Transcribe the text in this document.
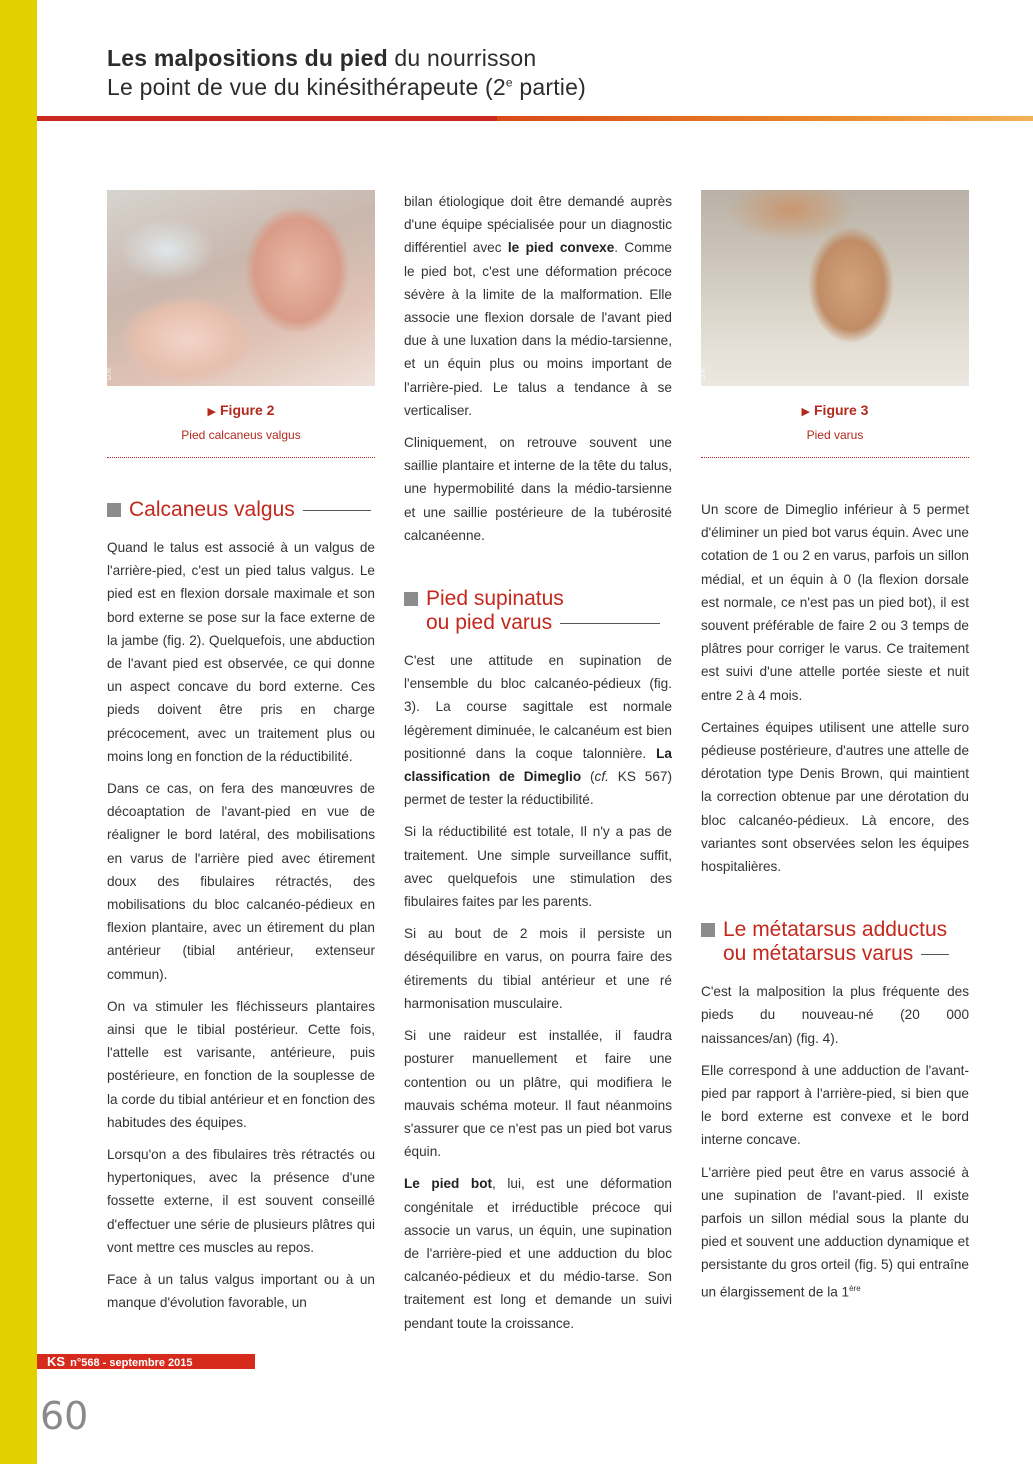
Les malpositions du pied du nourrisson
Le point de vue du kinésithérapeute (2e partie)
D.R.
▶ Figure 2
Pied calcaneus valgus
Calcaneus valgus

Quand le talus est associé à un valgus de l'arrière-pied, c'est un pied talus valgus. Le pied est en flexion dorsale maximale et son bord externe se pose sur la face externe de la jambe (fig. 2). Quelquefois, une abduction de l'avant pied est observée, ce qui donne un aspect concave du bord externe. Ces pieds doivent être pris en charge précocement, avec un traitement plus ou moins long en fonction de la réductibilité.

Dans ce cas, on fera des manœuvres de décoaptation de l'avant-pied en vue de réaligner le bord latéral, des mobilisations en varus de l'arrière pied avec étirement doux des fibulaires rétractés, des mobilisations du bloc calcanéo-pédieux en flexion plantaire, avec un étirement du plan antérieur (tibial antérieur, extenseur commun).

On va stimuler les fléchisseurs plantaires ainsi que le tibial postérieur. Cette fois, l'attelle est varisante, antérieure, puis postérieure, en fonction de la souplesse de la corde du tibial antérieur et en fonction des habitudes des équipes.

Lorsqu'on a des fibulaires très rétractés ou hypertoniques, avec la présence d'une fossette externe, il est souvent conseillé d'effectuer une série de plusieurs plâtres qui vont mettre ces muscles au repos.

Face à un talus valgus important ou à un manque d'évolution favorable, un

bilan étiologique doit être demandé auprès d'une équipe spécialisée pour un diagnostic différentiel avec le pied convexe. Comme le pied bot, c'est une déformation précoce sévère à la limite de la malformation. Elle associe une flexion dorsale de l'avant pied due à une luxation dans la médio-tarsienne, et un équin plus ou moins important de l'arrière-pied. Le talus a tendance à se verticaliser.

Cliniquement, on retrouve souvent une saillie plantaire et interne de la tête du talus, une hypermobilité dans la médio-tarsienne et une saillie postérieure de la tubérosité calcanéenne.

Pied supinatus
ou pied varus

C'est une attitude en supination de l'ensemble du bloc calcanéo-pédieux (fig. 3). La course sagittale est normale légèrement diminuée, le calcanéum est bien positionné dans la coque talonnière. La classification de Dimeglio (cf. KS 567) permet de tester la réductibilité.

Si la réductibilité est totale, Il n'y a pas de traitement. Une simple surveillance suffit, avec quelquefois une stimulation des fibulaires faites par les parents.

Si au bout de 2 mois il persiste un déséquilibre en varus, on pourra faire des étirements du tibial antérieur et une ré harmonisation musculaire.

Si une raideur est installée, il faudra posturer manuellement et faire une contention ou un plâtre, qui modifiera le mauvais schéma moteur. Il faut néanmoins s'assurer que ce n'est pas un pied bot varus équin.

Le pied bot, lui, est une déformation congénitale et irréductible précoce qui associe un varus, un équin, une supination de l'arrière-pied et une adduction du bloc calcanéo-pédieux et du médio-tarse. Son traitement est long et demande un suivi pendant toute la croissance.

D.R.
▶ Figure 3
Pied varus

Un score de Dimeglio inférieur à 5 permet d'éliminer un pied bot varus équin. Avec une cotation de 1 ou 2 en varus, parfois un sillon médial, et un équin à 0 (la flexion dorsale est normale, ce n'est pas un pied bot), il est souvent préférable de faire 2 ou 3 temps de plâtres pour corriger le varus. Ce traitement est suivi d'une attelle portée sieste et nuit entre 2 à 4 mois.

Certaines équipes utilisent une attelle suro pédieuse postérieure, d'autres une attelle de dérotation type Denis Brown, qui maintient la correction obtenue par une dérotation du bloc calcanéo-pédieux. Là encore, des variantes sont observées selon les équipes hospitalières.

Le métatarsus adductus
ou métatarsus varus

C'est la malposition la plus fréquente des pieds du nouveau-né (20 000 naissances/an) (fig. 4).

Elle correspond à une adduction de l'avant-pied par rapport à l'arrière-pied, si bien que le bord externe est convexe et le bord interne concave.

L'arrière pied peut être en varus associé à une supination de l'avant-pied. Il existe parfois un sillon médial sous la plante du pied et souvent une adduction dynamique et persistante du gros orteil (fig. 5) qui entraîne un élargissement de la 1ère

KS n°568 - septembre 2015
60
